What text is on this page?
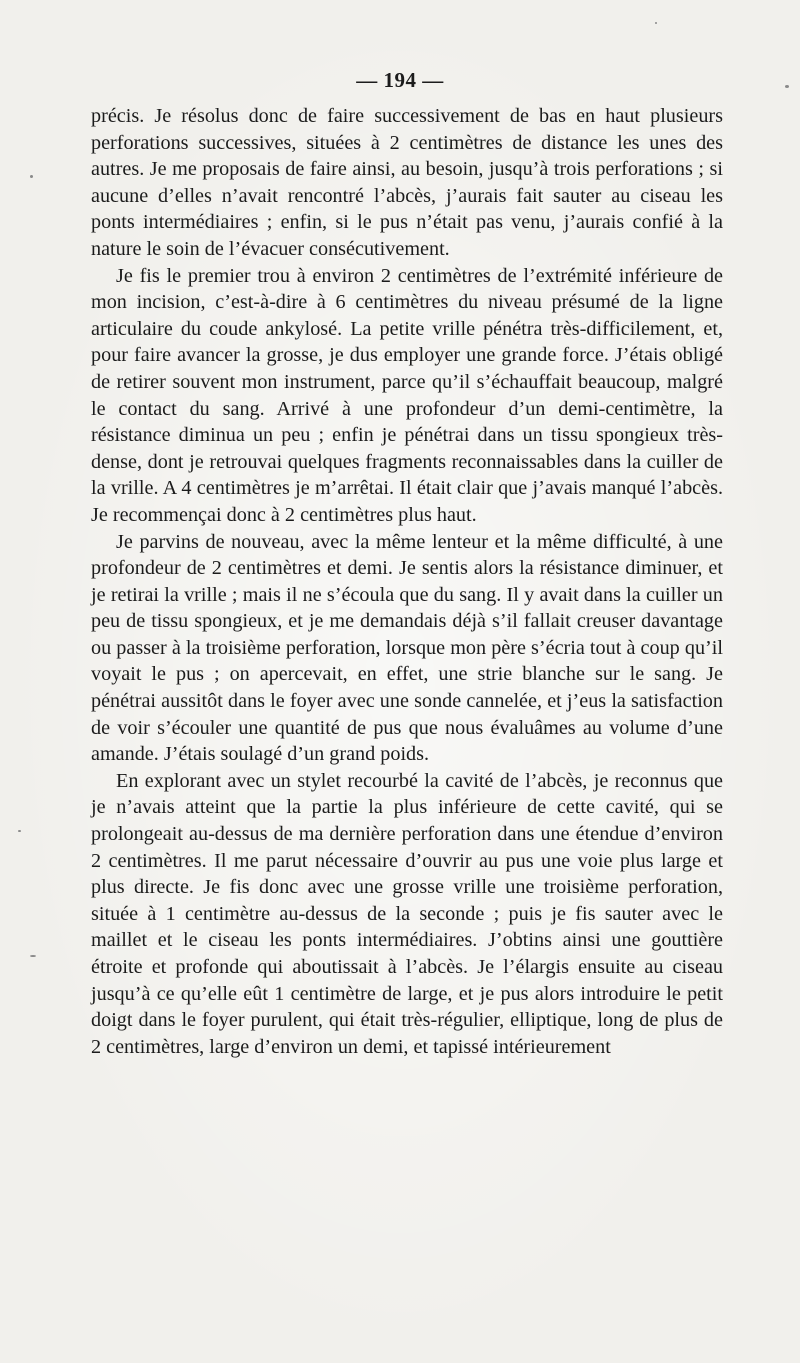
— 194 —

précis. Je résolus donc de faire successivement de bas en haut plusieurs perforations successives, situées à 2 centimètres de distance les unes des autres. Je me proposais de faire ainsi, au besoin, jusqu’à trois perforations ; si aucune d’elles n’avait rencontré l’abcès, j’aurais fait sauter au ciseau les ponts intermédiaires ; enfin, si le pus n’était pas venu, j’aurais confié à la nature le soin de l’évacuer consécutivement.

Je fis le premier trou à environ 2 centimètres de l’extrémité inférieure de mon incision, c’est-à-dire à 6 centimètres du niveau présumé de la ligne articulaire du coude ankylosé. La petite vrille pénétra très-difficilement, et, pour faire avancer la grosse, je dus employer une grande force. J’étais obligé de retirer souvent mon instrument, parce qu’il s’échauffait beaucoup, malgré le contact du sang. Arrivé à une profondeur d’un demi-centimètre, la résistance diminua un peu ; enfin je pénétrai dans un tissu spongieux très-dense, dont je retrouvai quelques fragments reconnaissables dans la cuiller de la vrille. A 4 centimètres je m’arrêtai. Il était clair que j’avais manqué l’abcès. Je recommençai donc à 2 centimètres plus haut.

Je parvins de nouveau, avec la même lenteur et la même difficulté, à une profondeur de 2 centimètres et demi. Je sentis alors la résistance diminuer, et je retirai la vrille ; mais il ne s’écoula que du sang. Il y avait dans la cuiller un peu de tissu spongieux, et je me demandais déjà s’il fallait creuser davantage ou passer à la troisième perforation, lorsque mon père s’écria tout à coup qu’il voyait le pus ; on apercevait, en effet, une strie blanche sur le sang. Je pénétrai aussitôt dans le foyer avec une sonde cannelée, et j’eus la satisfaction de voir s’écouler une quantité de pus que nous évaluâmes au volume d’une amande. J’étais soulagé d’un grand poids.

En explorant avec un stylet recourbé la cavité de l’abcès, je reconnus que je n’avais atteint que la partie la plus inférieure de cette cavité, qui se prolongeait au-dessus de ma dernière perforation dans une étendue d’environ 2 centimètres. Il me parut nécessaire d’ouvrir au pus une voie plus large et plus directe. Je fis donc avec une grosse vrille une troisième perforation, située à 1 centimètre au-dessus de la seconde ; puis je fis sauter avec le maillet et le ciseau les ponts intermédiaires. J’obtins ainsi une gouttière étroite et profonde qui aboutissait à l’abcès. Je l’élargis ensuite au ciseau jusqu’à ce qu’elle eût 1 centimètre de large, et je pus alors introduire le petit doigt dans le foyer purulent, qui était très-régulier, elliptique, long de plus de 2 centimètres, large d’environ un demi, et tapissé intérieurement
